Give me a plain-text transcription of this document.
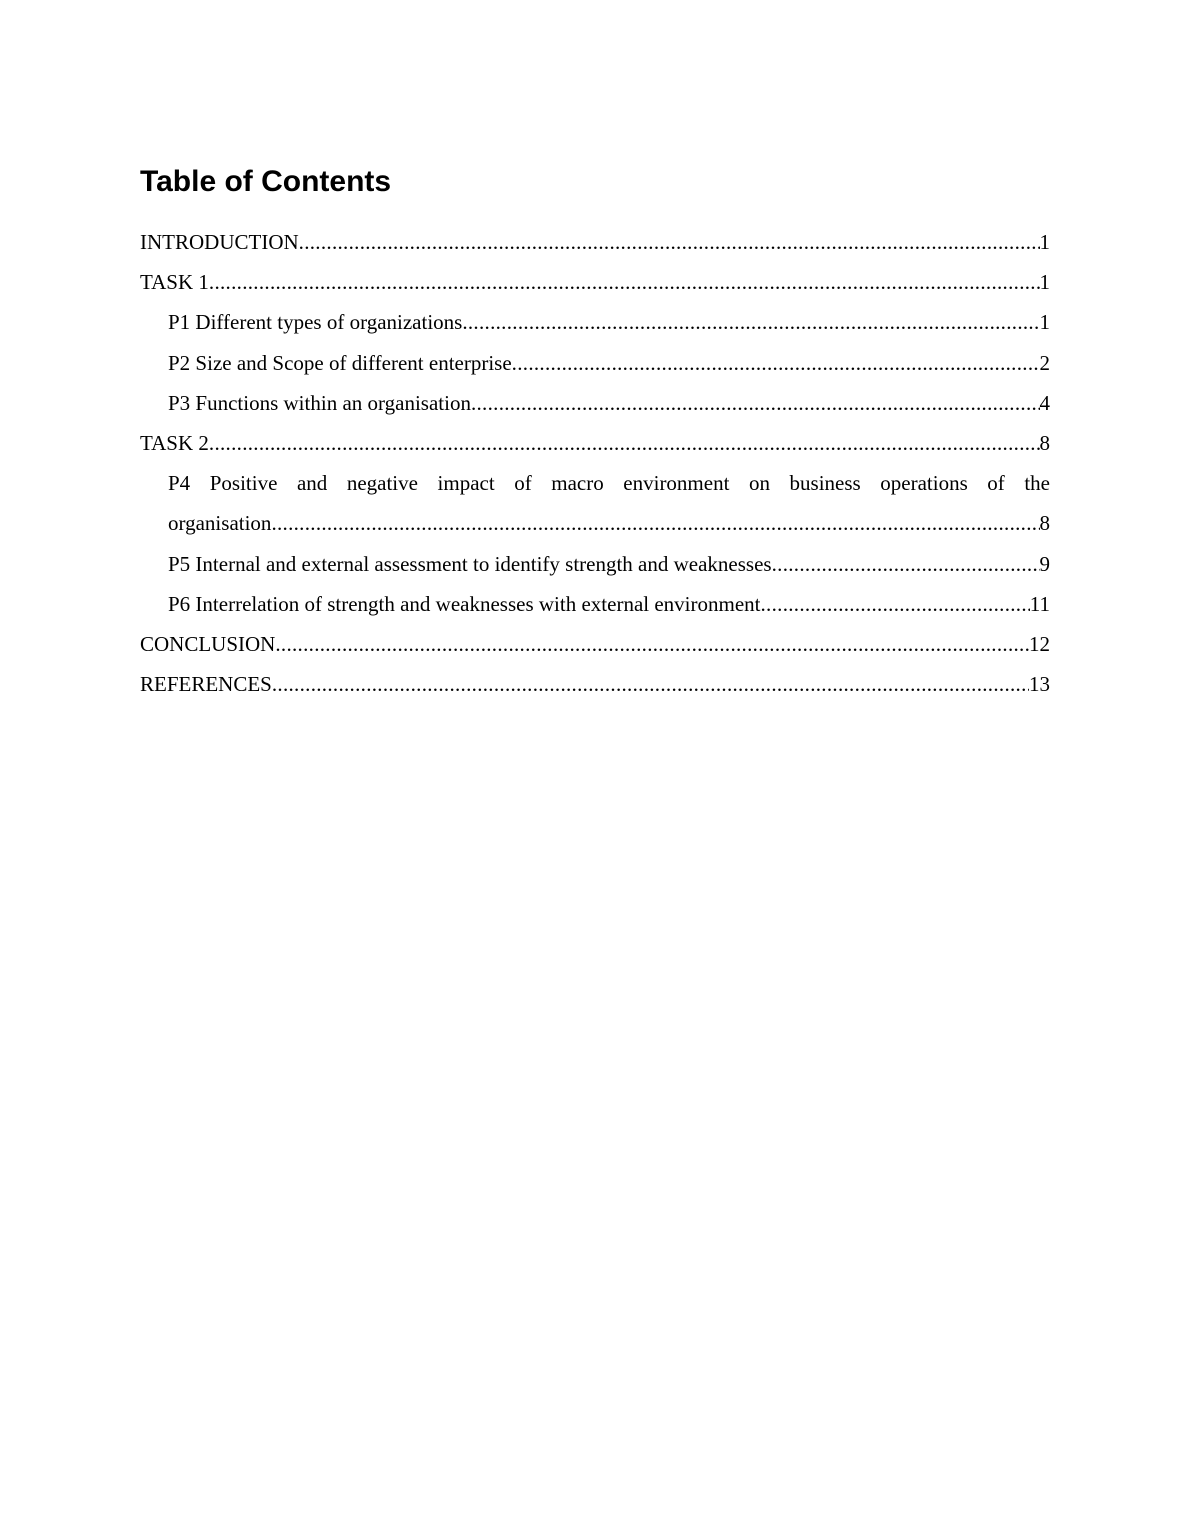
Table of Contents
INTRODUCTION .....	1
TASK 1 .....	1
P1 Different types of organizations .....	1
P2 Size and Scope of different enterprise .....	2
P3 Functions within an organisation .....	4
TASK 2 .....	8
P4 Positive and negative impact of macro environment on business operations of the
organisation .....	8
P5 Internal and external assessment to identify strength and weaknesses .....	9
P6 Interrelation of strength and weaknesses with external environment .....	11
CONCLUSION .....	12
REFERENCES .....	13
